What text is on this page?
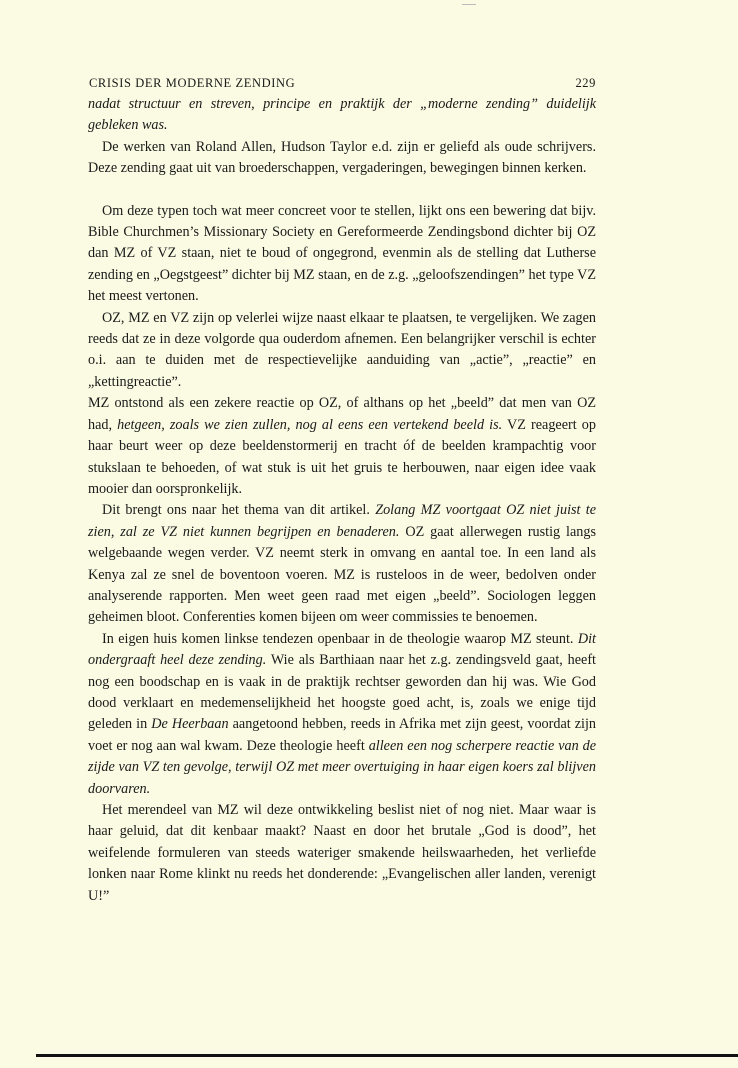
CRISIS DER MODERNE ZENDING	229

nadat structuur en streven, principe en praktijk der „moderne zending” duidelijk gebleken was.

De werken van Roland Allen, Hudson Taylor e.d. zijn er geliefd als oude schrijvers. Deze zending gaat uit van broederschappen, vergaderingen, bewegingen binnen kerken.

Om deze typen toch wat meer concreet voor te stellen, lijkt ons een bewering dat bijv. Bible Churchmen’s Missionary Society en Gereformeerde Zendingsbond dichter bij OZ dan MZ of VZ staan, niet te boud of ongegrond, evenmin als de stelling dat Lutherse zending en „Oegstgeest” dichter bij MZ staan, en de z.g. „geloofszendingen” het type VZ het meest vertonen.

OZ, MZ en VZ zijn op velerlei wijze naast elkaar te plaatsen, te vergelijken. We zagen reeds dat ze in deze volgorde qua ouderdom afnemen. Een belangrijker verschil is echter o.i. aan te duiden met de respectievelijke aanduiding van „actie”, „reactie” en „kettingreactie”.

MZ ontstond als een zekere reactie op OZ, of althans op het „beeld” dat men van OZ had, hetgeen, zoals we zien zullen, nog al eens een vertekend beeld is. VZ reageert op haar beurt weer op deze beeldenstormerij en tracht óf de beelden krampachtig voor stukslaan te behoeden, of wat stuk is uit het gruis te herbouwen, naar eigen idee vaak mooier dan oorspronkelijk.

Dit brengt ons naar het thema van dit artikel. Zolang MZ voortgaat OZ niet juist te zien, zal ze VZ niet kunnen begrijpen en benaderen. OZ gaat allerwegen rustig langs welgebaande wegen verder. VZ neemt sterk in omvang en aantal toe. In een land als Kenya zal ze snel de boventoon voeren. MZ is rusteloos in de weer, bedolven onder analyserende rapporten. Men weet geen raad met eigen „beeld”. Sociologen leggen geheimen bloot. Conferenties komen bijeen om weer commissies te benoemen.

In eigen huis komen linkse tendezen openbaar in de theologie waarop MZ steunt. Dit ondergraaft heel deze zending. Wie als Barthiaan naar het z.g. zendingsveld gaat, heeft nog een boodschap en is vaak in de praktijk rechtser geworden dan hij was. Wie God dood verklaart en medemenselijkheid het hoogste goed acht, is, zoals we enige tijd geleden in De Heerbaan aangetoond hebben, reeds in Afrika met zijn geest, voordat zijn voet er nog aan wal kwam. Deze theologie heeft alleen een nog scherpere reactie van de zijde van VZ ten gevolge, terwijl OZ met meer overtuiging in haar eigen koers zal blijven doorvaren.

Het merendeel van MZ wil deze ontwikkeling beslist niet of nog niet. Maar waar is haar geluid, dat dit kenbaar maakt? Naast en door het brutale „God is dood”, het weifelende formuleren van steeds wateriger smakende heilswaarheden, het verliefde lonken naar Rome klinkt nu reeds het donderende: „Evangelischen aller landen, verenigt U!”
